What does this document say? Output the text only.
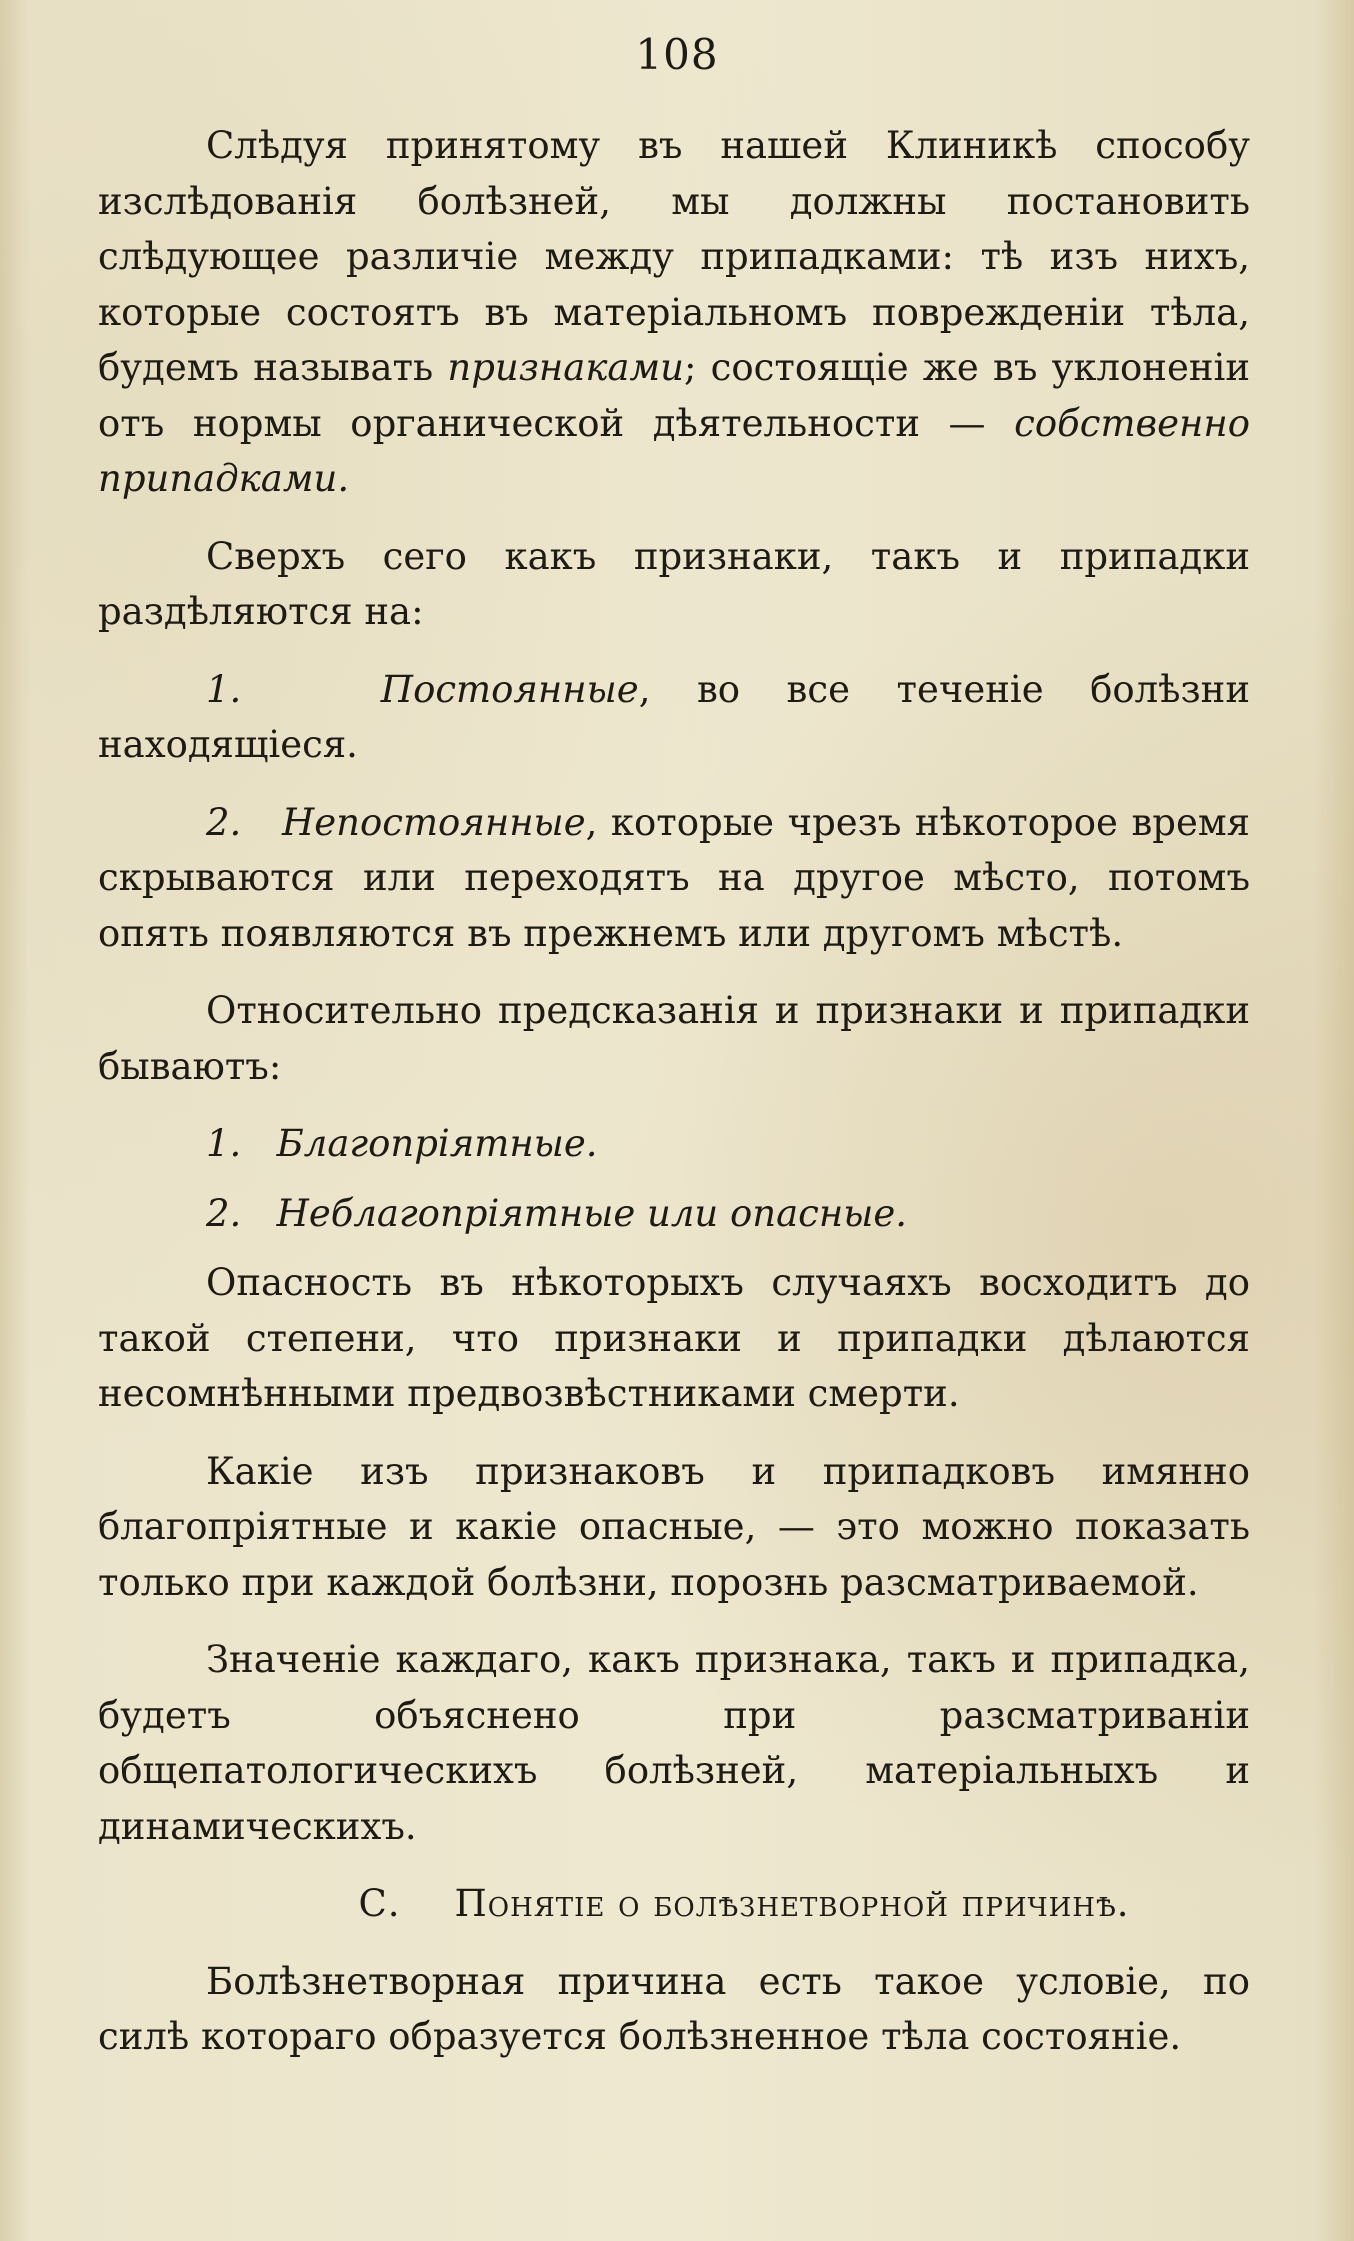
108

Слѣдуя принятому въ нашей Клиникѣ способу изслѣдованія болѣзней, мы должны постановить слѣдующее различіе между припадками: тѣ изъ нихъ, которые состоятъ въ матеріальномъ поврежденіи тѣла, будемъ называть признаками; состоящіе же въ уклоненіи отъ нормы органической дѣятельности — собственно припадками.

Сверхъ сего какъ признаки, такъ и припадки раздѣляются на:

1.	Постоянные, во все теченіе болѣзни находящіеся.

2. Непостоянные, которые чрезъ нѣкоторое время скрываются или переходятъ на другое мѣсто, потомъ опять появляются въ прежнемъ или другомъ мѣстѣ.

Относительно предсказанія и признаки и припадки бываютъ:

1. Благопріятные.

2. Неблагопріятные или опасные.

Опасность въ нѣкоторыхъ случаяхъ восходитъ до такой степени, что признаки и припадки дѣлаются несомнѣнными предвозвѣстниками смерти.

Какіе изъ признаковъ и припадковъ имянно благопріятные и какіе опасные, — это можно показать только при каждой болѣзни, порознь разсматриваемой.

Значеніе каждаго, какъ признака, такъ и припадка, будетъ объяснено при разсматриваніи общепатологическихъ болѣзней, матеріальныхъ и динамическихъ.

С. Понятіе о болѣзнетворной причинѣ.

Болѣзнетворная причина есть такое условіе, по силѣ котораго образуется болѣзненное тѣла состояніе.
